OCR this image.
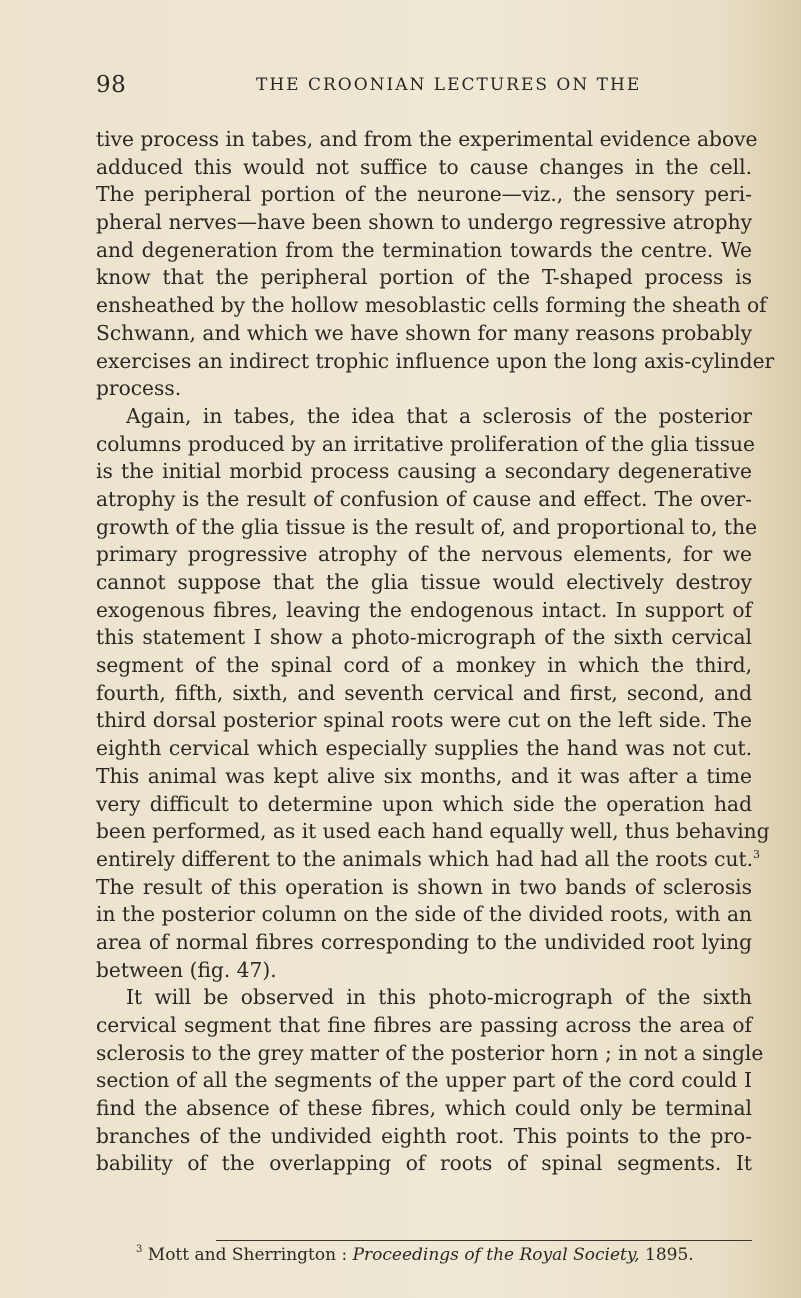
98	THE CROONIAN LECTURES ON THE
tive process in tabes, and from the experimental evidence above
adduced this would not suffice to cause changes in the cell.
The peripheral portion of the neurone—viz., the sensory peri-
pheral nerves—have been shown to undergo regressive atrophy
and degeneration from the termination towards the centre. We
know that the peripheral portion of the T-shaped process is
ensheathed by the hollow mesoblastic cells forming the sheath of
Schwann, and which we have shown for many reasons probably
exercises an indirect trophic influence upon the long axis-cylinder
process.
Again, in tabes, the idea that a sclerosis of the posterior
columns produced by an irritative proliferation of the glia tissue
is the initial morbid process causing a secondary degenerative
atrophy is the result of confusion of cause and effect. The over-
growth of the glia tissue is the result of, and proportional to, the
primary progressive atrophy of the nervous elements, for we
cannot suppose that the glia tissue would electively destroy
exogenous fibres, leaving the endogenous intact. In support of
this statement I show a photo-micrograph of the sixth cervical
segment of the spinal cord of a monkey in which the third,
fourth, fifth, sixth, and seventh cervical and first, second, and
third dorsal posterior spinal roots were cut on the left side. The
eighth cervical which especially supplies the hand was not cut.
This animal was kept alive six months, and it was after a time
very difficult to determine upon which side the operation had
been performed, as it used each hand equally well, thus behaving
entirely different to the animals which had had all the roots cut.$^3$
The result of this operation is shown in two bands of sclerosis
in the posterior column on the side of the divided roots, with an
area of normal fibres corresponding to the undivided root lying
between (fig. 47).
It will be observed in this photo-micrograph of the sixth
cervical segment that fine fibres are passing across the area of
sclerosis to the grey matter of the posterior horn ; in not a single
section of all the segments of the upper part of the cord could I
find the absence of these fibres, which could only be terminal
branches of the undivided eighth root. This points to the pro-
bability of the overlapping of roots of spinal segments. It
$^3$ Mott and Sherrington : Proceedings of the Royal Society, 1895.
